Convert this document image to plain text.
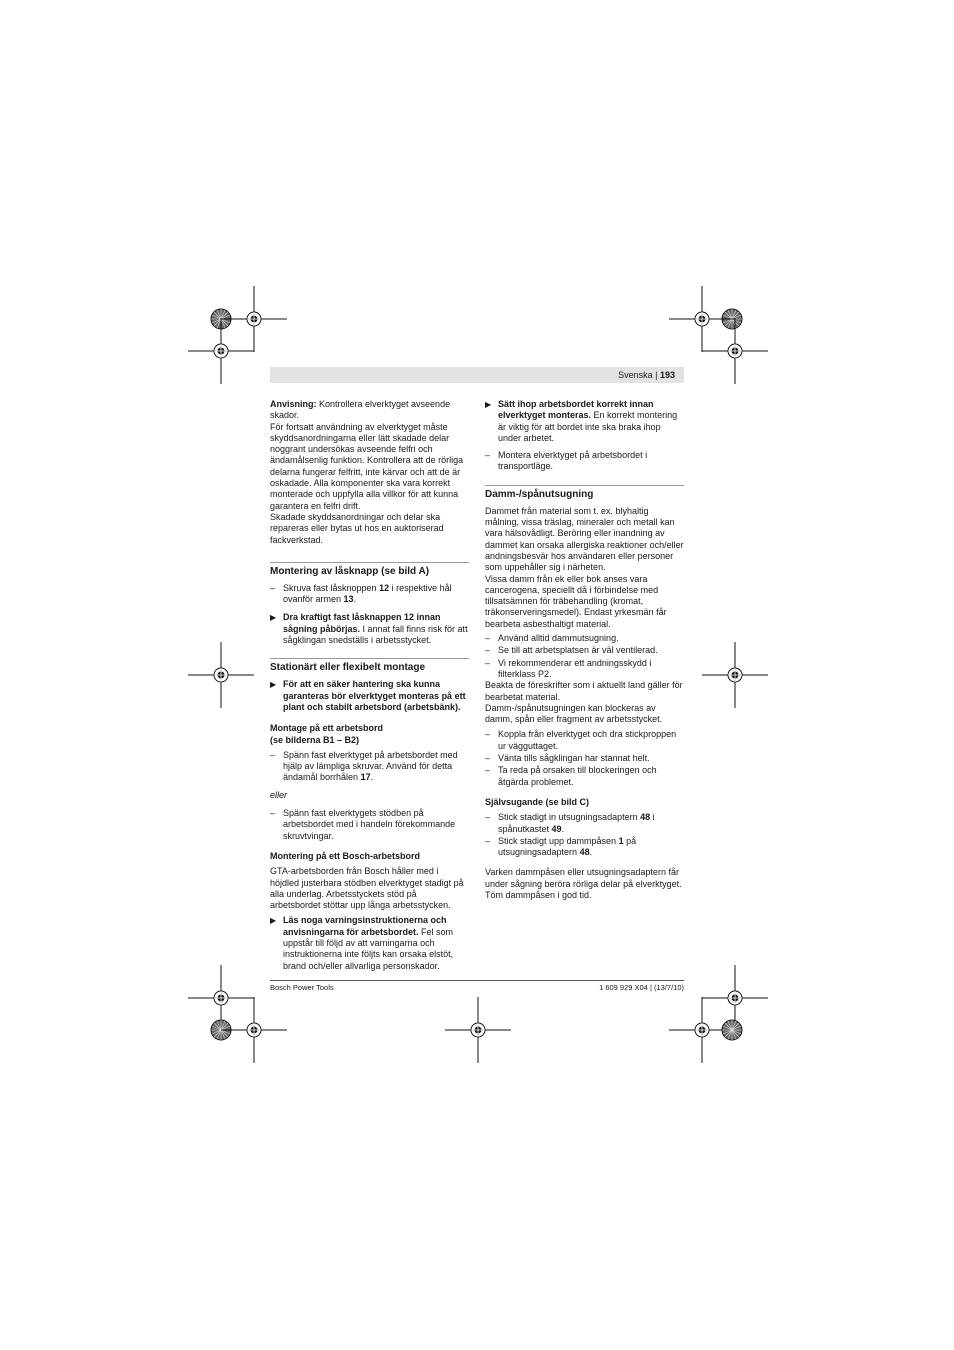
Svenska | 193

Anvisning: Kontrollera elverktyget avseende skador.

För fortsatt användning av elverktyget måste skyddsanordningarna eller lätt skadade delar noggrant undersökas avseende felfri och ändamålsenlig funktion. Kontrollera att de rörliga delarna fungerar felfritt, inte kärvar och att de är oskadade. Alla komponenter ska vara korrekt monterade och uppfylla alla villkor för att kunna garantera en felfri drift.

Skadade skyddsanordningar och delar ska repareras eller bytas ut hos en auktoriserad fackverkstad.

Montering av låsknapp (se bild A)
– Skruva fast låsknoppen 12 i respektive hål ovanför armen 13.
▶ Dra kraftigt fast låsknappen 12 innan sågning påbörjas. I annat fall finns risk för att sågklingan snedställs i arbetsstycket.
Stationärt eller flexibelt montage
▶ För att en säker hantering ska kunna garanteras bör elverktyget monteras på ett plant och stabilt arbetsbord (arbetsbänk).
Montage på ett arbetsbord
(se bilderna B1 – B2)
– Spänn fast elverktyget på arbetsbordet med hjälp av lämpliga skruvar. Använd för detta ändamål borrhålen 17.

eller

– Spänn fast elverktygets stödben på arbetsbordet med i handeln förekommande skruvtvingar.
Montering på ett Bosch-arbetsbord

GTA-arbetsborden från Bosch håller med i höjdled justerbara stödben elverktyget stadigt på alla underlag. Arbetsstyckets stöd på arbetsbordet stöttar upp långa arbetsstycken.

▶ Läs noga varningsinstruktionerna och anvisningarna för arbetsbordet. Fel som uppstår till följd av att varningarna och instruktionerna inte följts kan orsaka elstöt, brand och/eller allvarliga personskador.
▶ Sätt ihop arbetsbordet korrekt innan elverktyget monteras. En korrekt montering är viktig för att bordet inte ska braka ihop under arbetet.
– Montera elverktyget på arbetsbordet i transportläge.
Damm-/spånutsugning

Dammet från material som t. ex. blyhaltig målning, vissa träslag, mineraler och metall kan vara hälsovådligt. Beröring eller inandning av dammet kan orsaka allergiska reaktioner och/eller andningsbesvär hos användaren eller personer som uppehåller sig i närheten.

Vissa damm från ek eller bok anses vara cancerogena, speciellt då i förbindelse med tillsatsämnen för träbehandling (kromat, träkonserveringsmedel). Endast yrkesmän får bearbeta asbesthaltigt material.

– Använd alltid dammutsugning.
– Se till att arbetsplatsen är väl ventilerad.
– Vi rekommenderar ett andningsskydd i filterklass P2.

Beakta de föreskrifter som i aktuellt land gäller för bearbetat material.

Damm-/spånutsugningen kan blockeras av damm, spån eller fragment av arbetsstycket.

– Koppla från elverktyget och dra stickproppen ur vägguttaget.
– Vänta tills sågklingan har stannat helt.
– Ta reda på orsaken till blockeringen och åtgärda problemet.
Självsugande (se bild C)
– Stick stadigt in utsugningsadaptern 48 i spånutkastet 49.
– Stick stadigt upp dammpåsen 1 på utsugningsadaptern 48.

Varken dammpåsen eller utsugningsadaptern får under sågning beröra rörliga delar på elverktyget.

Töm dammpåsen i god tid.

Bosch Power Tools	1 609 929 X04 | (13/7/10)
